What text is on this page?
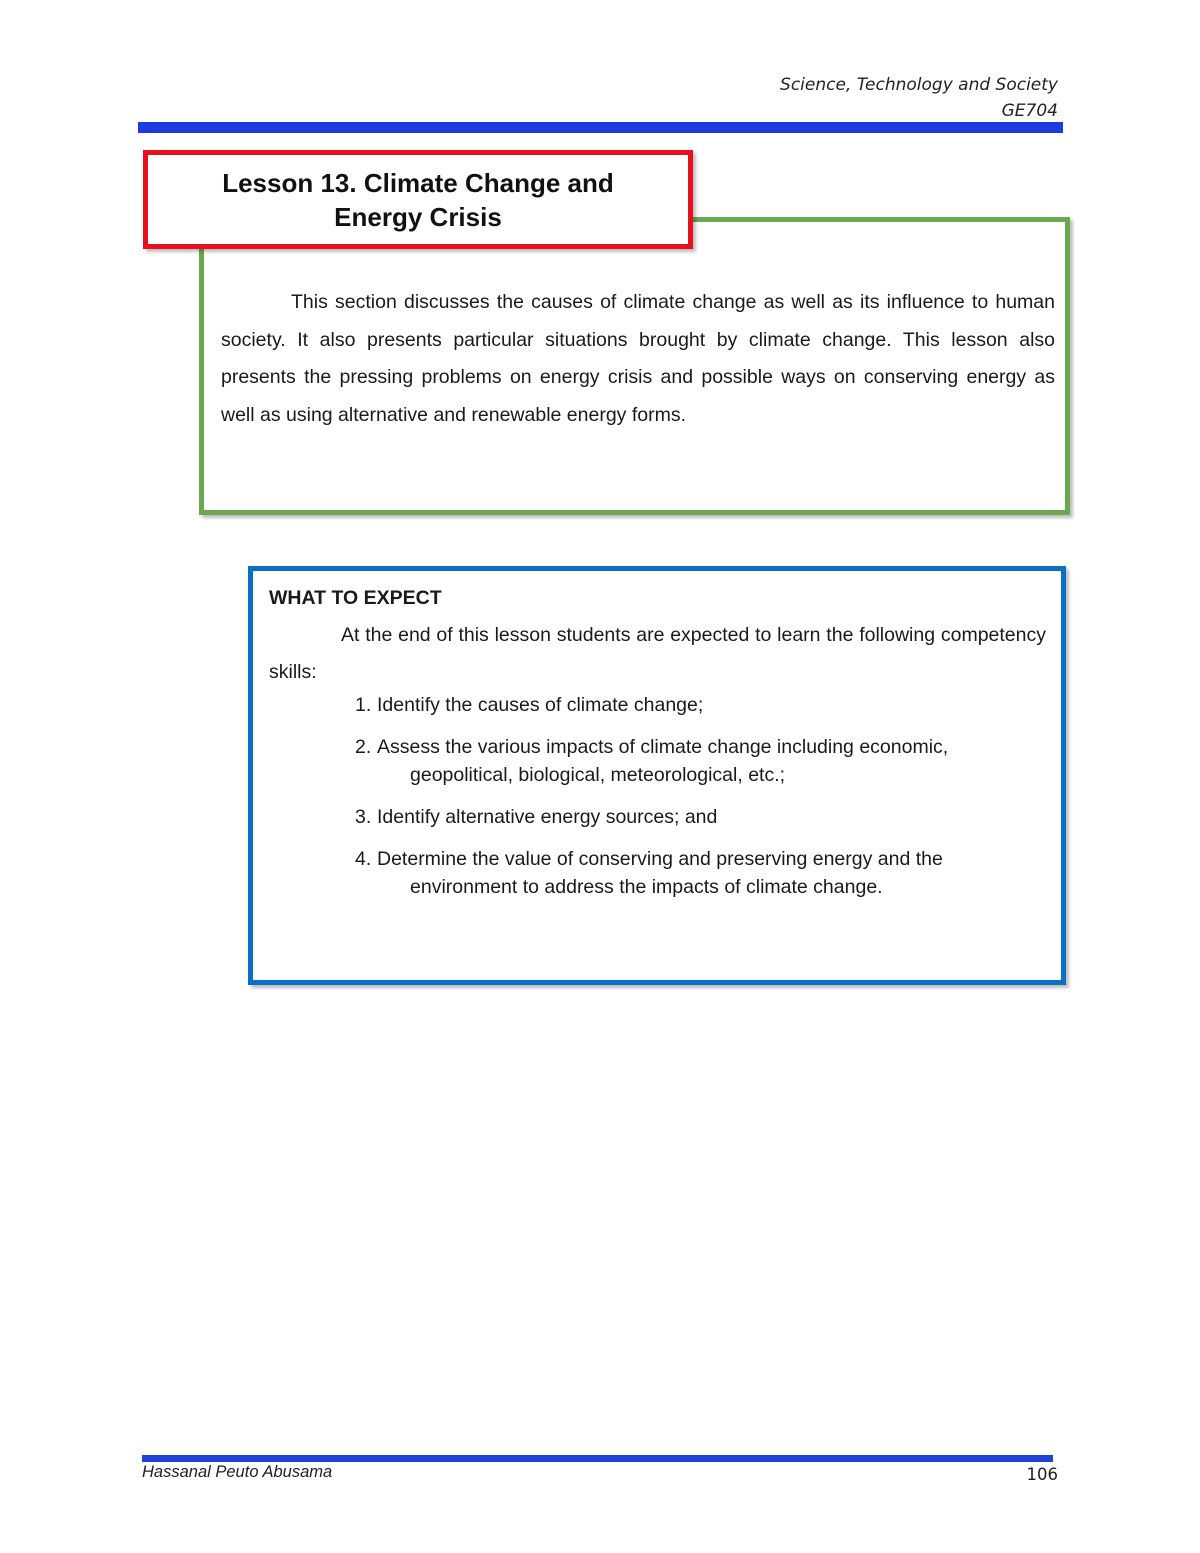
Science, Technology and Society
GE704

This section discusses the causes of climate change as well as its influence to human society. It also presents particular situations brought by climate change. This lesson also presents the pressing problems on energy crisis and possible ways on conserving energy as well as using alternative and renewable energy forms.

Lesson 13. Climate Change and
Energy Crisis
WHAT TO EXPECT

At the end of this lesson students are expected to learn the following competency skills:

1. Identify the causes of climate change;
2. Assess the various impacts of climate change including economic,
geopolitical, biological, meteorological, etc.;
3. Identify alternative energy sources; and
4. Determine the value of conserving and preserving energy and the
environment to address the impacts of climate change.
Hassanal Peuto Abusama	106
